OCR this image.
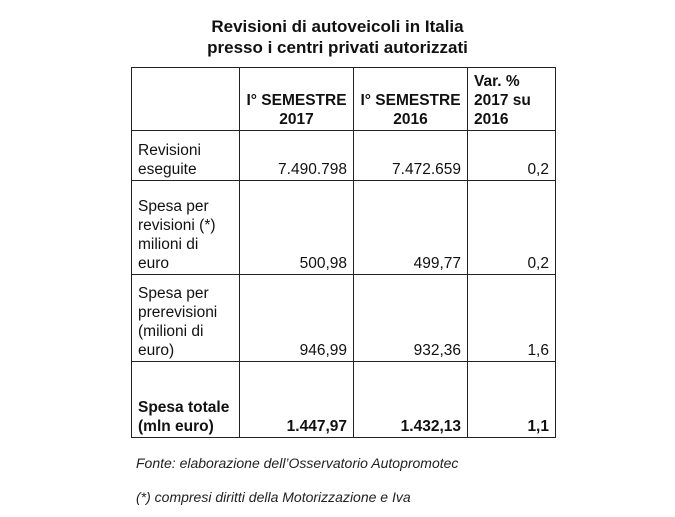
Revisioni di autoveicoli in Italia
presso i centri privati autorizzati
	I° SEMESTRE 2017	I° SEMESTRE 2016	Var. % 2017 su 2016
Revisioni eseguite	7.490.798	7.472.659	0,2
Spesa per revisioni (*) milioni di euro	500,98	499,77	0,2
Spesa per prerevisioni (milioni di euro)	946,99	932,36	1,6
Spesa totale (mln euro)	1.447,97	1.432,13	1,1
Fonte: elaborazione dell’Osservatorio Autopromotec
(*) compresi diritti della Motorizzazione e Iva
